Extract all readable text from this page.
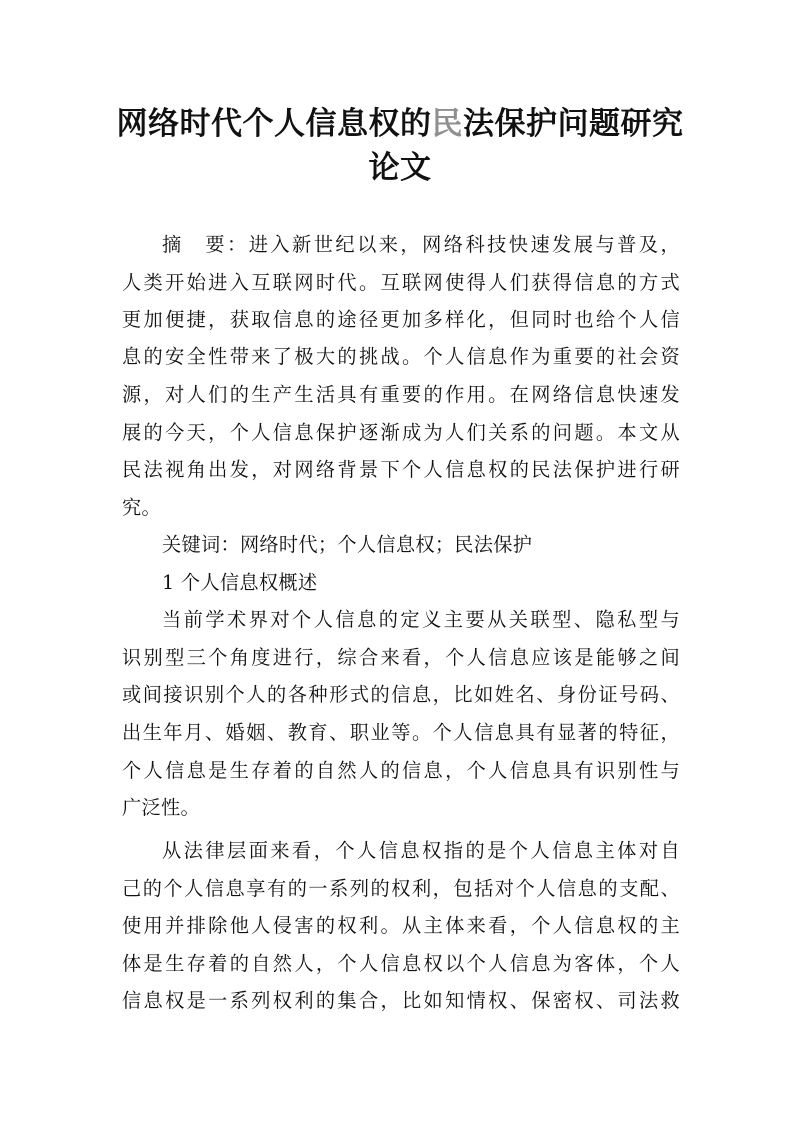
网络时代个人信息权的民法保护问题研究
论文
摘　要：进入新世纪以来，网络科技快速发展与普及，
人类开始进入互联网时代。互联网使得人们获得信息的方式
更加便捷，获取信息的途径更加多样化，但同时也给个人信
息的安全性带来了极大的挑战。个人信息作为重要的社会资
源，对人们的生产生活具有重要的作用。在网络信息快速发
展的今天，个人信息保护逐渐成为人们关系的问题。本文从
民法视角出发，对网络背景下个人信息权的民法保护进行研
究。
关键词：网络时代；个人信息权；民法保护
1 个人信息权概述
当前学术界对个人信息的定义主要从关联型、隐私型与
识别型三个角度进行，综合来看，个人信息应该是能够之间
或间接识别个人的各种形式的信息，比如姓名、身份证号码、
出生年月、婚姻、教育、职业等。个人信息具有显著的特征，
个人信息是生存着的自然人的信息，个人信息具有识别性与
广泛性。
从法律层面来看，个人信息权指的是个人信息主体对自
己的个人信息享有的一系列的权利，包括对个人信息的支配、
使用并排除他人侵害的权利。从主体来看，个人信息权的主
体是生存着的自然人，个人信息权以个人信息为客体，个人
信息权是一系列权利的集合，比如知情权、保密权、司法救
